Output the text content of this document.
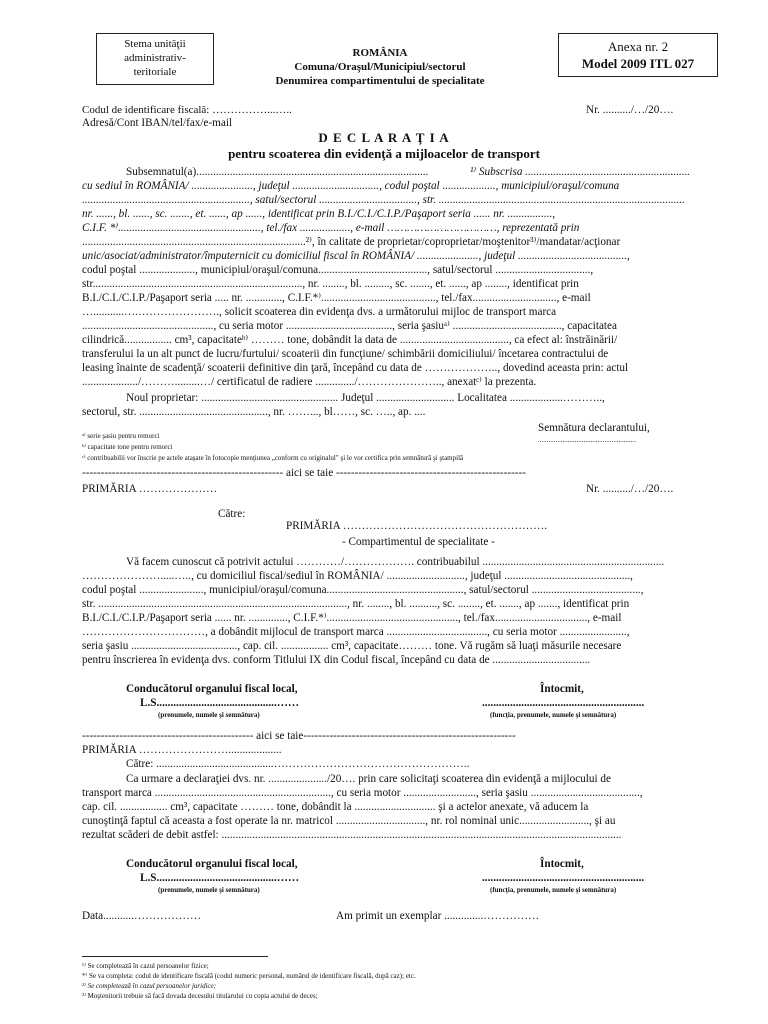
Stema unităţii
administrativ-
teritoriale
ROMÂNIA
Comuna/Oraşul/Municipiul/sectorul
Denumirea compartimentului de specialitate
Anexa nr. 2
Model 2009 ITL 027
Codul de identificare fiscală: ……………...…..	Nr. ........../…/20….
Adresă/Cont IBAN/tel/fax/e-mail
D E C L A R A Ţ I A
pentru scoaterea din evidenţă a mijloacelor de transport
Subsemnatul(a)...................................................................................	¹⁾ Subscrisa ...........................................................
cu sediul în ROMÂNIA/ ......................, judeţul ..............................., codul poştal ..................., municipiul/oraşul/comuna
............................................................, satul/sectorul ..................................., str. ........................................................................................
nr. ......, bl. ......, sc. ......., et. ......, ap ......, identificat prin B.I./C.I./C.I.P./Paşaport seria ...... nr. ................,
C.I.F. *⁾..................................................., tel./fax .................., e-mail ……………………………, reprezentată prin
................................................................................²⁾, în calitate de proprietar/coproprietar/moştenitor³⁾/mandatar/acţionar
unic/asociat/administrator/împuternicit cu domiciliul fiscal în ROMÂNIA/ ......................, judeţul .......................................,
codul poştal ...................., municipiul/oraşul/comuna......................................., satul/sectorul ..................................,
str..........................................................................., nr. ........, bl. ........., sc. ......., et. ......, ap ........, identificat prin
B.I./C.I./C.I.P./Paşaport seria ..... nr. ............., C.I.F.*⁾........................................., tel./fax.............................., e-mail
…...........….…………………., solicit scoaterea din evidenţa dvs. a următorului mijloc de transport marca
..............................................., cu seria motor ......................................, seria şasiuᵃ⁾ ......................................., capacitatea
cilindrică................. cm³, capacitateᵇ⁾ ……… tone, dobândit la data de ......................................., ca efect al: înstrăinării/
transferului la un alt punct de lucru/furtului/ scoaterii din funcţiune/ schimbării domiciliului/ încetarea contractului de
leasing înainte de scadenţă/ scoaterii definitive din ţară, începând cu data de ……………….., dovedind aceasta prin: actul
..................../……….........…/ certificatul de radiere ............../………………….., anexatᶜ⁾ la prezenta.
Noul proprietar: ................................................. Judeţul ............................ Localitatea ...................………..,
sectorul, str. .............................................., nr. ……..., bl……, sc. ….., ap. ....
Semnătura declarantului,
........................................................
ᵃ⁾ serie şasiu pentru remorci
ᵇ⁾ capacitate tone pentru remorci
ᶜ⁾ contribuabilii vor înscrie pe actele ataşate în fotocopie menţiunea „conform cu originalul" şi le vor certifica prin semnătură şi ştampilă
------------------------------------------------------ aici se taie ---------------------------------------------------
PRIMĂRIA …………………	Nr. ........../…/20….
Către:
PRIMĂRIA ……………………………………………….
- Compartimentul de specialitate -
Vă facem cunoscut că potrivit actului …………/………………. contribuabilul .................................................................
………………….....….., cu domiciliul fiscal/sediul în ROMÂNIA/ ............................, judeţul .............................................,
codul poştal ......................., municipiul/oraşul/comuna................................................., satul/sectorul .......................................,
str. ........................................................................................., nr. ........, bl. .........., sc. ........, et. ......., ap ......., identificat prin
B.I./C.I./C.I.P./Paşaport seria ...... nr. .............., C.I.F.*⁾..............................................., tel./fax................................., e-mail
……………………………, a dobândit mijlocul de transport marca ...................................., cu seria motor ........................,
seria şasiu ......................................, cap. cil. ................. cm³, capacitate……… tone. Vă rugăm să luaţi măsurile necesare
pentru înscrierea în evidenţa dvs. conform Titlului IX din Codul fiscal, începând cu data de ...................................
Conducătorul organului fiscal local,
L.S...........................................……
(prenumele, numele şi semnătura)
Întocmit,
..........................................................
(funcţia, prenumele, numele şi semnătura)
---------------------------------------------- aici se taie---------------------------------------------------------
PRIMĂRIA ……………………...................
Către: ..........................................……………………………………………..
Ca urmare a declaraţiei dvs. nr. ...................../20…. prin care solicitaţi scoaterea din evidenţă a mijlocului de
transport marca ..............................................................., cu seria motor .........................., seria şasiu .......................................,
cap. cil. ................. cm³, capacitate ……… tone, dobândit la ............................. şi a actelor anexate, vă aducem la
cunoştinţă faptul că aceasta a fost operate la nr. matricol ................................, nr. rol nominal unic........................., şi au
rezultat scăderi de debit astfel: ...............................................................................................................................................
Conducătorul organului fiscal local,
L.S...........................................……
(prenumele, numele şi semnătura)
Întocmit,
..........................................................
(funcţia, prenumele, numele şi semnătura)
Data...........………………	Am primit un exemplar ..............……………
¹⁾ Se completează în cazul persoanelor fizice;
*⁾ Se va completa: codul de identificare fiscală (codul numeric personal, numărul de identificare fiscală, după caz); etc.
²⁾ Se completează în cazul persoanelor juridice;
³⁾ Moştenitorii trebuie să facă dovada decesului titularului cu copia actului de deces;
